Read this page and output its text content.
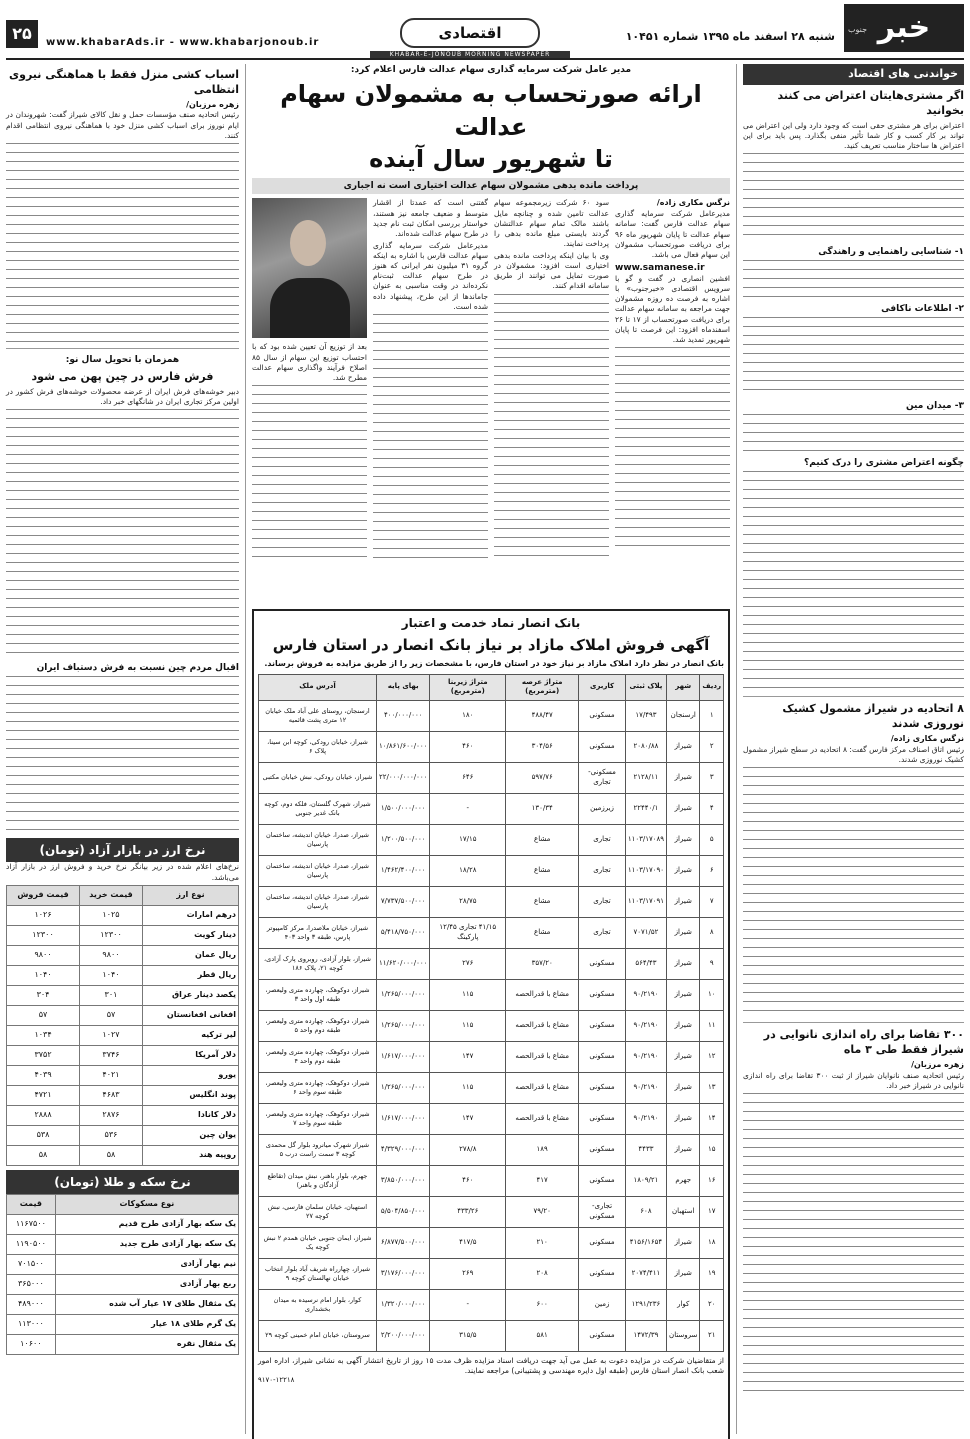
جنوب خبر
شنبه ۲۸ اسفند ماه ۱۳۹۵ شماره ۱۰۴۵۱
اقتصادی
www.khabarAds.ir - www.khabarjonoub.ir
۲۵
KHABAR-E-JONOUB MORNING NEWSPAPER
خواندنی های اقتصاد
اگر مشتری‌هایتان اعتراض می کنند بخوانید

اعتراض برای هر مشتری حقی است که وجود دارد ولی این اعتراض می تواند بر کار کسب و کار شما تأثیر منفی بگذارد. پس باید برای این اعتراض ها ساختار مناسب تعریف کنید.

۱- شناسایی راهنمایی و راهندگی
۲- اطلاعات ناکافی
۳- میدان مین
چگونه اعتراض مشتری را درک کنیم؟
۸ اتحادیه در شیراز مشمول کشیک نوروزی شدند
نرگس مکاری زاده/

رئیس اتاق اصناف مرکز فارس گفت: ۸ اتحادیه در سطح شیراز مشمول کشیک نوروزی شدند.

۳۰۰ تقاضا برای راه اندازی نانوایی در شیراز فقط طی ۳ ماه
زهره مرزبان/

رئیس اتحادیه صنف نانوایان شیراز از ثبت ۳۰۰ تقاضا برای راه اندازی نانوایی در شیراز خبر داد.

مدیر عامل شرکت سرمایه گذاری سهام عدالت فارس اعلام کرد:
ارائه صورتحساب به مشمولان سهام عدالت
تا شهریور سال آینده
پرداخت مانده بدهی مشمولان سهام عدالت اختیاری است نه اجباری
نرگس مکاری زاده/

مدیرعامل شرکت سرمایه گذاری سهام عدالت فارس گفت: سامانه سهام عدالت تا پایان شهریور ماه ۹۶ برای دریافت صورتحساب مشمولان این سهام فعال می باشد.

www.samanese.ir

افشین انصاری در گفت و گو با سرویس اقتصادی «خبرجنوب» با اشاره به فرصت ده روزه مشمولان جهت مراجعه به سامانه سهام عدالت برای دریافت صورتحساب از ۱۷ تا ۲۶ اسفندماه افزود: این فرصت تا پایان شهریور تمدید شد.

سود ۶۰ شرکت زیرمجموعه سهام عدالت تامین شده و چنانچه مایل باشند مالک تمام سهام عدالتشان گردند بایستی مبلغ مانده بدهی را پرداخت نمایند.

وی با بیان اینکه پرداخت مانده بدهی اختیاری است افزود: مشمولان در صورت تمایل می توانند از طریق سامانه اقدام کنند.

گفتنی است که عمدتا از اقشار متوسط و ضعیف جامعه نیز هستند، خواستار بررسی امکان ثبت نام جدید در طرح سهام عدالت شده‌اند.

مدیرعامل شرکت سرمایه گذاری سهام عدالت فارس با اشاره به اینکه گروه ۳۱ میلیون نفر ایرانی که هنوز در طرح سهام عدالت ثبت‌نام نکرده‌اند در وقت مناسبی به عنوان جاماندها از این طرح، پیشنهاد داده شده است.

بعد از توزیع آن تعیین شده بود که با احتساب توزیع این سهام از سال ۸۵ اصلاح فرآیند واگذاری سهام عدالت مطرح شد.

بانک انصار نماد خدمت و اعتبار
آگهی فروش املاک مازاد بر نیاز بانک انصار در استان فارس
بانک انصار در نظر دارد املاک مازاد بر نیاز خود در استان فارس، با مشخصات زیر را از طریق مزایده به فروش برساند.
ردیف	شهر	پلاک ثبتی	کاربری	متراژ عرصه (مترمربع)	متراژ زیربنا (مترمربع)	بهای پایه	آدرس ملک
۱	ارسنجان	۱۷/۴۹۳	مسکونی	۴۸۸/۴۷	۱۸۰	۴۰۰/۰۰۰/۰۰۰	ارسنجان، روستای علی آباد ملک خیابان ۱۲ متری پشت قائمیه
۲	شیراز	۲۰۸۰/۸۸	مسکونی	۳۰۴/۵۶	۴۶۰	۱۰/۸۶۱/۶۰۰/۰۰۰	شیراز، خیابان رودکی، کوچه ابن سینا، پلاک ۶
۳	شیراز	۲۱۲۸/۱۱	مسکونی-تجاری	۵۹۷/۷۶	۶۴۶	۲۲/۰۰۰/۰۰۰/۰۰۰	شیراز، خیابان رودکی، نبش خیابان مکتبی
۴	شیراز	۲۲۴۴۰/۱	زیرزمین	۱۳۰/۳۴	-	۱/۵۰۰/۰۰۰/۰۰۰	شیراز، شهرک گلستان، فلکه دوم، کوچه بانک غدیر جنوبی
۵	شیراز	۱۱۰۳/۱۷۰۸۹	تجاری	مشاع	۱۷/۱۵	۱/۲۰۰/۵۰۰/۰۰۰	شیراز، صدرا، خیابان اندیشه، ساختمان پارسیان
۶	شیراز	۱۱۰۳/۱۷۰۹۰	تجاری	مشاع	۱۸/۲۸	۱/۴۶۲/۴۰۰/۰۰۰	شیراز، صدرا، خیابان اندیشه، ساختمان پارسیان
۷	شیراز	۱۱۰۳/۱۷۰۹۱	تجاری	مشاع	۲۸/۷۵	۷/۷۳۷/۵۰۰/۰۰۰	شیراز، صدرا، خیابان اندیشه، ساختمان پارسیان
۸	شیراز	۷۰۷۱/۵۲	تجاری	مشاع	۴۱/۱۵ تجاری ۱۲/۴۵ پارکینگ	۵/۴۱۸/۷۵۰/۰۰۰	شیراز، خیابان ملاصدرا، مرکز کامپیوتر پارس، طبقه ۳ واحد ۴۰۳
۹	شیراز	۵۶۴/۴۳	مسکونی	۳۵۷/۲۰	۲۷۶	۱۱/۶۲۰/۰۰۰/۰۰۰	شیراز، بلوار آزادی، روبروی پارک آزادی، کوچه ۲۱، پلاک ۱۸۶
۱۰	شیراز	۹۰/۲۱۹۰	مسکونی	مشاع با قدرالحصه	۱۱۵	۱/۲۶۵/۰۰۰/۰۰۰	شیراز، دوکوهک، چهارده متری ولیعصر، طبقه اول واحد ۳
۱۱	شیراز	۹۰/۲۱۹۰	مسکونی	مشاع با قدرالحصه	۱۱۵	۱/۲۶۵/۰۰۰/۰۰۰	شیراز، دوکوهک، چهارده متری ولیعصر، طبقه دوم واحد ۵
۱۲	شیراز	۹۰/۲۱۹۰	مسکونی	مشاع با قدرالحصه	۱۴۷	۱/۶۱۷/۰۰۰/۰۰۰	شیراز، دوکوهک، چهارده متری ولیعصر، طبقه دوم واحد ۴
۱۳	شیراز	۹۰/۲۱۹۰	مسکونی	مشاع با قدرالحصه	۱۱۵	۱/۲۶۵/۰۰۰/۰۰۰	شیراز، دوکوهک، چهارده متری ولیعصر، طبقه سوم واحد ۶
۱۴	شیراز	۹۰/۲۱۹۰	مسکونی	مشاع با قدرالحصه	۱۴۷	۱/۶۱۷/۰۰۰/۰۰۰	شیراز، دوکوهک، چهارده متری ولیعصر، طبقه سوم واحد ۷
۱۵	شیراز	۴۴۳۳	مسکونی	۱۸۹	۲۷۸/۸	۴/۳۲۹/۰۰۰/۰۰۰	شیراز شهرک میانرود بلوار گل محمدی کوچه ۳ سمت راست درب ۵
۱۶	جهرم	۱۸۰۹/۲۱	مسکونی	۴۱۷	۴۶۰	۳/۸۵۰/۰۰۰/۰۰۰	جهرم، بلوار باهنر، نبش میدان (تقاطع آزادگان و باهنر)
۱۷	استهبان	۶۰۸	تجاری-مسکونی	۷۹/۲۰	۴۳۳/۲۶	۵/۵۰۴/۸۵۰/۰۰۰	استهبان، خیابان سلمان فارسی، نبش کوچه ۲۷
۱۸	شیراز	۴۱۵۶/۱۶۵۴	مسکونی	۲۱۰	۴۱۷/۵	۶/۸۷۷/۵۰۰/۰۰۰	شیراز، ایمان جنوبی خیابان همدم ۲ نبش کوچه یک
۱۹	شیراز	۲۰۷۴/۴۱۱	مسکونی	۲۰۸	۲۶۹	۳/۱۷۶/۰۰۰/۰۰۰	شیراز، چهارراه شریف آباد بلوار انتخاب خیابان نهالستان کوچه ۹
۲۰	کوار	۱۲۹۱/۲۳۶	زمین	۶۰۰	-	۱/۳۲۰/۰۰۰/۰۰۰	کوار، بلوار امام نرسیده به میدان بخشداری
۲۱	سروستان	۱۴۷۲/۳۹	مسکونی	۵۸۱	۳۱۵/۵	۲/۲۰۰/۰۰۰/۰۰۰	سروستان، خیابان امام خمینی کوچه ۲۹
از متقاضیان شرکت در مزایده دعوت به عمل می آید جهت دریافت اسناد مزایده ظرف مدت ۱۵ روز از تاریخ انتشار آگهی به نشانی شیراز، اداره امور شعب بانک انصار استان فارس (طبقه اول دایره مهندسی و پشتیبانی) مراجعه نمایند.
۹۱۷۰-۱۲۲۱۸
اسباب کشی منزل فقط با هماهنگی نیروی انتظامی
زهره مرزبان/

رئیس اتحادیه صنف مؤسسات حمل و نقل کالای شیراز گفت: شهروندان در ایام نوروز برای اسباب کشی منزل خود با هماهنگی نیروی انتظامی اقدام کنند.

همزمان با تحویل سال نو:
فرش فارس در چین پهن می شود

دبیر خوشه‌های فرش ایران از عرضه محصولات خوشه‌های فرش کشور در اولین مرکز تجاری ایران در شانگهای خبر داد.

اقبال مردم چین نسبت به فرش دستباف ایران
نرخ ارز در بازار آزاد (تومان)

نرخ‌های اعلام شده در زیر بیانگر نرخ خرید و فروش ارز در بازار آزاد می‌باشد.

نوع ارز	قیمت خرید	قیمت فروش
درهم امارات	۱۰۲۵	۱۰۲۶
دینار کویت	۱۲۳۰۰	۱۲۳۰۰
ریال عمان	۹۸۰۰	۹۸۰۰
ریال قطر	۱۰۴۰	۱۰۴۰
یکصد دینار عراق	۳۰۱	۳۰۴
افغانی افغانستان	۵۷	۵۷
لیر ترکیه	۱۰۲۷	۱۰۳۴
دلار آمریکا	۳۷۴۶	۳۷۵۲
یورو	۴۰۲۱	۴۰۳۹
پوند انگلیس	۴۶۸۳	۴۷۲۱
دلار کانادا	۲۸۷۶	۲۸۸۸
یوان چین	۵۳۶	۵۳۸
روپیه هند	۵۸	۵۸
نرخ سکه و طلا (تومان)
نوع مسکوکات	قیمت
یک سکه بهار آزادی طرح قدیم	۱۱۶۷۵۰۰
یک سکه بهار آزادی طرح جدید	۱۱۹۰۵۰۰
نیم بهار آزادی	۷۰۱۵۰۰
ربع بهار آزادی	۳۶۵۰۰۰
یک مثقال طلای ۱۷ عیار آب شده	۴۸۹۰۰۰
یک گرم طلای ۱۸ عیار	۱۱۳۰۰۰
یک مثقال نقره	۱۰۶۰۰
